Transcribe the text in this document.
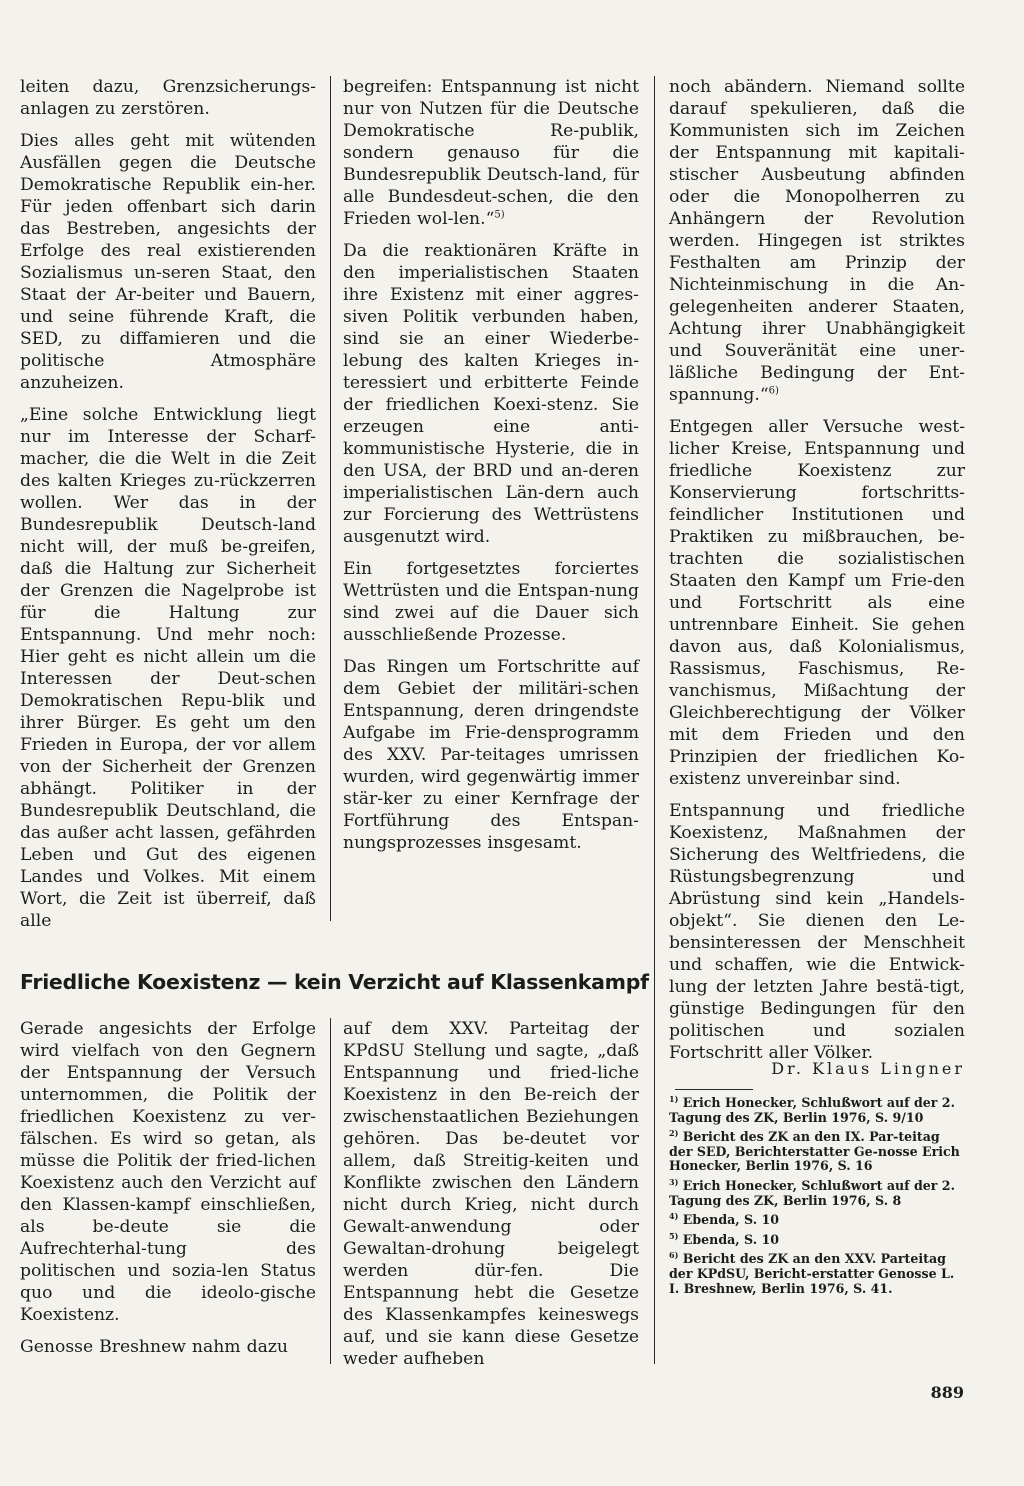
leiten dazu, Grenzsicherungs-anlagen zu zerstören.

Dies alles geht mit wütenden Ausfällen gegen die Deutsche Demokratische Republik ein-her. Für jeden offenbart sich darin das Bestreben, angesichts der Erfolge des real existierenden Sozialismus un-seren Staat, den Staat der Ar-beiter und Bauern, und seine führende Kraft, die SED, zu diffamieren und die politische Atmosphäre anzuheizen.

„Eine solche Entwicklung liegt nur im Interesse der Scharf-macher, die die Welt in die Zeit des kalten Krieges zu-rückzerren wollen. Wer das in der Bundesrepublik Deutsch-land nicht will, der muß be-greifen, daß die Haltung zur Sicherheit der Grenzen die Nagelprobe ist für die Haltung zur Entspannung. Und mehr noch: Hier geht es nicht allein um die Interessen der Deut-schen Demokratischen Repu-blik und ihrer Bürger. Es geht um den Frieden in Europa, der vor allem von der Sicherheit der Grenzen abhängt. Politiker in der Bundesrepublik Deutschland, die das außer acht lassen, gefährden Leben und Gut des eigenen Landes und Volkes. Mit einem Wort, die Zeit ist überreif, daß alle

begreifen: Entspannung ist nicht nur von Nutzen für die Deutsche Demokratische Re-publik, sondern genauso für die Bundesrepublik Deutsch-land, für alle Bundesdeut-schen, die den Frieden wol-len.“$^{5)}$

Da die reaktionären Kräfte in den imperialistischen Staaten ihre Existenz mit einer aggres-siven Politik verbunden haben, sind sie an einer Wiederbe-lebung des kalten Krieges in-teressiert und erbitterte Feinde der friedlichen Koexi-stenz. Sie erzeugen eine anti-kommunistische Hysterie, die in den USA, der BRD und an-deren imperialistischen Län-dern auch zur Forcierung des Wettrüstens ausgenutzt wird.

Ein fortgesetztes forciertes Wettrüsten und die Entspan-nung sind zwei auf die Dauer sich ausschließende Prozesse.

Das Ringen um Fortschritte auf dem Gebiet der militäri-schen Entspannung, deren dringendste Aufgabe im Frie-densprogramm des XXV. Par-teitages umrissen wurden, wird gegenwärtig immer stär-ker zu einer Kernfrage der Fortführung des Entspan-nungsprozesses insgesamt.

noch abändern. Niemand sollte darauf spekulieren, daß die Kommunisten sich im Zeichen der Entspannung mit kapitali-stischer Ausbeutung abfinden oder die Monopolherren zu Anhängern der Revolution werden. Hingegen ist striktes Festhalten am Prinzip der Nichteinmischung in die An-gelegenheiten anderer Staaten, Achtung ihrer Unabhängigkeit und Souveränität eine uner-läßliche Bedingung der Ent-spannung.“$^{6)}$

Entgegen aller Versuche west-licher Kreise, Entspannung und friedliche Koexistenz zur Konservierung fortschritts-feindlicher Institutionen und Praktiken zu mißbrauchen, be-trachten die sozialistischen Staaten den Kampf um Frie-den und Fortschritt als eine untrennbare Einheit. Sie gehen davon aus, daß Kolonialismus, Rassismus, Faschismus, Re-vanchismus, Mißachtung der Gleichberechtigung der Völker mit dem Frieden und den Prinzipien der friedlichen Ko-existenz unvereinbar sind.

Entspannung und friedliche Koexistenz, Maßnahmen der Sicherung des Weltfriedens, die Rüstungsbegrenzung und Abrüstung sind kein „Handels-objekt“. Sie dienen den Le-bensinteressen der Menschheit und schaffen, wie die Entwick-lung der letzten Jahre bestä-tigt, günstige Bedingungen für den politischen und sozialen Fortschritt aller Völker.

Friedliche Koexistenz — kein Verzicht auf Klassenkampf

Gerade angesichts der Erfolge wird vielfach von den Gegnern der Entspannung der Versuch unternommen, die Politik der friedlichen Koexistenz zu ver-fälschen. Es wird so getan, als müsse die Politik der fried-lichen Koexistenz auch den Verzicht auf den Klassen-kampf einschließen, als be-deute sie die Aufrechterhal-tung des politischen und sozia-len Status quo und die ideolo-gische Koexistenz.

Genosse Breshnew nahm dazu

auf dem XXV. Parteitag der KPdSU Stellung und sagte, „daß Entspannung und fried-liche Koexistenz in den Be-reich der zwischenstaatlichen Beziehungen gehören. Das be-deutet vor allem, daß Streitig-keiten und Konflikte zwischen den Ländern nicht durch Krieg, nicht durch Gewalt-anwendung oder Gewaltan-drohung beigelegt werden dür-fen. Die Entspannung hebt die Gesetze des Klassenkampfes keineswegs auf, und sie kann diese Gesetze weder aufheben

Dr. Klaus Lingner
$^{1)}$ Erich Honecker, Schlußwort auf der 2. Tagung des ZK, Berlin 1976, S. 9/10
$^{2)}$ Bericht des ZK an den IX. Par-teitag der SED, Berichterstatter Ge-nosse Erich Honecker, Berlin 1976, S. 16
$^{3)}$ Erich Honecker, Schlußwort auf der 2. Tagung des ZK, Berlin 1976, S. 8
$^{4)}$ Ebenda, S. 10
$^{5)}$ Ebenda, S. 10
$^{6)}$ Bericht des ZK an den XXV. Parteitag der KPdSU, Bericht-erstatter Genosse L. I. Breshnew, Berlin 1976, S. 41.
889
